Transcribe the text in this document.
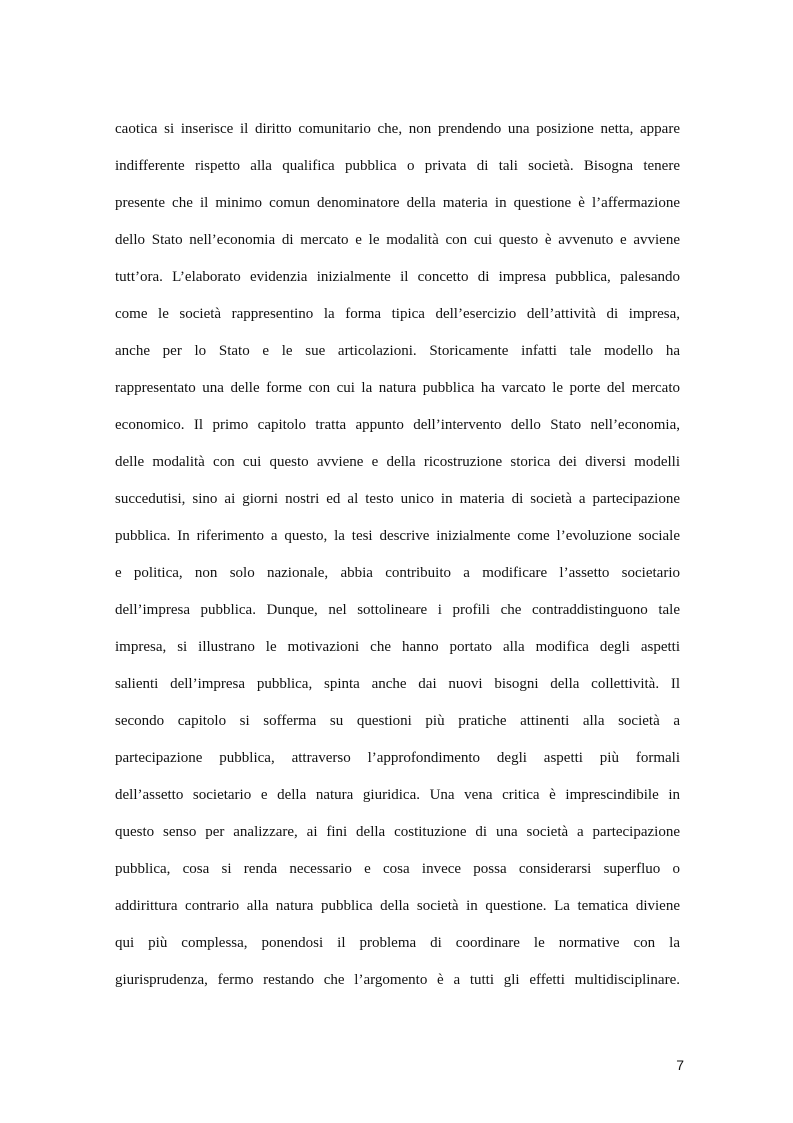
caotica si inserisce il diritto comunitario che, non prendendo una posizione netta, appare
indifferente rispetto alla qualifica pubblica o privata di tali società. Bisogna tenere
presente che il minimo comun denominatore della materia in questione è l’affermazione
dello Stato nell’economia di mercato e le modalità con cui questo è avvenuto e avviene
tutt’ora. L’elaborato evidenzia inizialmente il concetto di impresa pubblica, palesando
come le società rappresentino la forma tipica dell’esercizio dell’attività di impresa,
anche per lo Stato e le sue articolazioni. Storicamente infatti tale modello ha
rappresentato una delle forme con cui la natura pubblica ha varcato le porte del mercato
economico. Il primo capitolo tratta appunto dell’intervento dello Stato nell’economia,
delle modalità con cui questo avviene e della ricostruzione storica dei diversi modelli
succedutisi, sino ai giorni nostri ed al testo unico in materia di società a partecipazione
pubblica. In riferimento a questo, la tesi descrive inizialmente come l’evoluzione sociale
e politica, non solo nazionale, abbia contribuito a modificare l’assetto societario
dell’impresa pubblica. Dunque, nel sottolineare i profili che contraddistinguono tale
impresa, si illustrano le motivazioni che hanno portato alla modifica degli aspetti
salienti dell’impresa pubblica, spinta anche dai nuovi bisogni della collettività. Il
secondo capitolo si sofferma su questioni più pratiche attinenti alla società a
partecipazione pubblica, attraverso l’approfondimento degli aspetti più formali
dell’assetto societario e della natura giuridica. Una vena critica è imprescindibile in
questo senso per analizzare, ai fini della costituzione di una società a partecipazione
pubblica, cosa si renda necessario e cosa invece possa considerarsi superfluo o
addirittura contrario alla natura pubblica della società in questione. La tematica diviene
qui più complessa, ponendosi il problema di coordinare le normative con la
giurisprudenza, fermo restando che l’argomento è a tutti gli effetti multidisciplinare.
7
